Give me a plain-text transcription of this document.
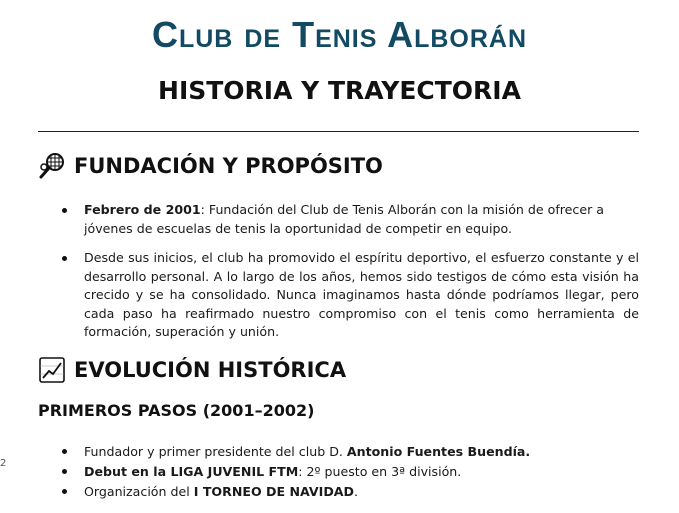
Club de Tenis Alborán
HISTORIA Y TRAYECTORIA
FUNDACIÓN Y PROPÓSITO
Febrero de 2001: Fundación del Club de Tenis Alborán con la misión de ofrecer a jóvenes de escuelas de tenis la oportunidad de competir en equipo.
Desde sus inicios, el club ha promovido el espíritu deportivo, el esfuerzo constante y el desarrollo personal. A lo largo de los años, hemos sido testigos de cómo esta visión ha crecido y se ha consolidado. Nunca imaginamos hasta dónde podríamos llegar, pero cada paso ha reafirmado nuestro compromiso con el tenis como herramienta de formación, superación y unión.
EVOLUCIÓN HISTÓRICA
PRIMEROS PASOS (2001–2002)
Fundador y primer presidente del club D. Antonio Fuentes Buendía.
Debut en la LIGA JUVENIL FTM: 2º puesto en 3ª división.
Organización del I TORNEO DE NAVIDAD.
2
